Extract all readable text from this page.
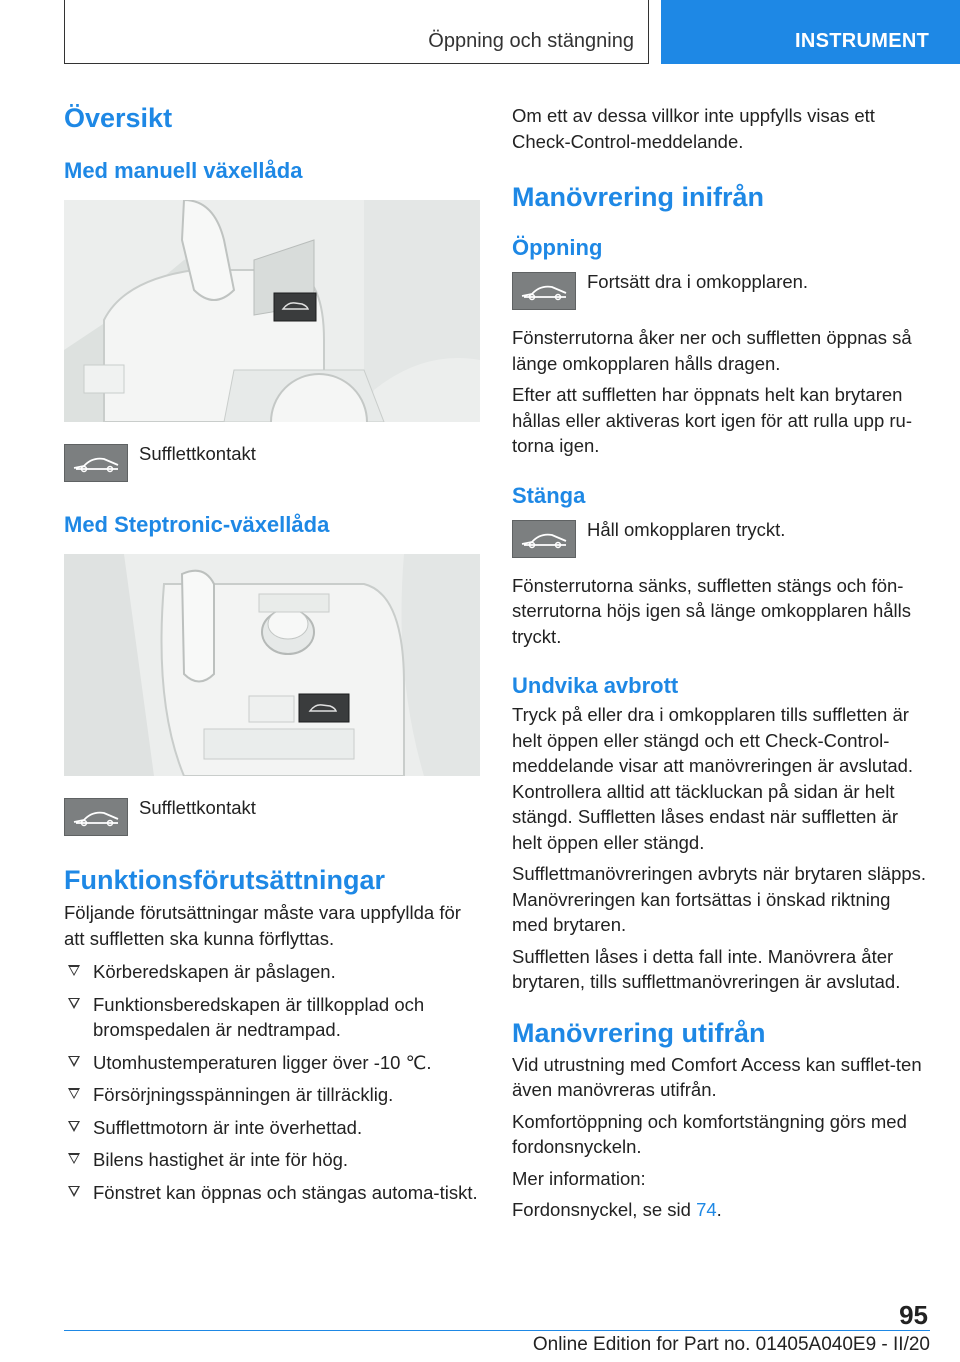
Öppning och stängning	INSTRUMENT
Översikt
Med manuell växellåda
Sufflettkontakt
Med Steptronic-växellåda
Sufflettkontakt
Funktionsförutsättningar

Följande förutsättningar måste vara uppfyllda för att suffletten ska kunna förflyttas.

Körberedskapen är påslagen.
Funktionsberedskapen är tillkopplad och bromspedalen är nedtrampad.
Utomhustemperaturen ligger över -10 ℃.
Försörjningsspänningen är tillräcklig.
Sufflettmotorn är inte överhettad.
Bilens hastighet är inte för hög.
Fönstret kan öppnas och stängas automa-tiskt.

Om ett av dessa villkor inte uppfylls visas ett Check-Control-meddelande.

Manövrering inifrån
Öppning
Fortsätt dra i omkopplaren.

Fönsterrutorna åker ner och suffletten öppnas så länge omkopplaren hålls dragen.

Efter att suffletten har öppnats helt kan brytaren hållas eller aktiveras kort igen för att rulla upp ru-torna igen.

Stänga
Håll omkopplaren tryckt.

Fönsterrutorna sänks, suffletten stängs och fön-sterrutorna höjs igen så länge omkopplaren hålls tryckt.

Undvika avbrott

Tryck på eller dra i omkopplaren tills suffletten är helt öppen eller stängd och ett Check-Control-meddelande visar att manövreringen är avslutad. Kontrollera alltid att täckluckan på sidan är helt stängd. Suffletten låses endast när suffletten är helt öppen eller stängd.

Sufflettmanövreringen avbryts när brytaren släpps. Manövreringen kan fortsättas i önskad riktning med brytaren.

Suffletten låses i detta fall inte. Manövrera åter brytaren, tills sufflettmanövreringen är avslutad.

Manövrering utifrån

Vid utrustning med Comfort Access kan sufflet-ten även manövreras utifrån.

Komfortöppning och komfortstängning görs med fordonsnyckeln.

Mer information:

Fordonsnyckel, se sid 74.

95
Online Edition for Part no. 01405A040E9 - II/20
